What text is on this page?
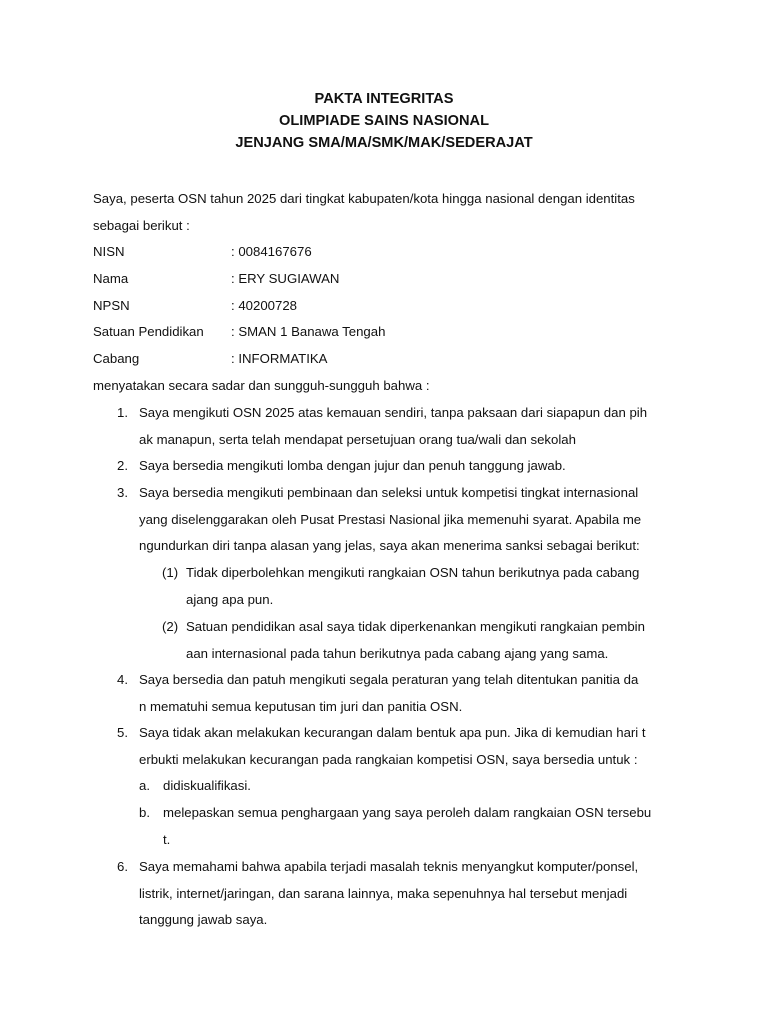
PAKTA INTEGRITAS
OLIMPIADE SAINS NASIONAL
JENJANG SMA/MA/SMK/MAK/SEDERAJAT
Saya, peserta OSN tahun 2025 dari tingkat kabupaten/kota hingga nasional dengan identitas
sebagai berikut :
NISN	: 0084167676
Nama	: ERY SUGIAWAN
NPSN	: 40200728
Satuan Pendidikan : SMAN 1 Banawa Tengah
Cabang	: INFORMATIKA
menyatakan secara sadar dan sungguh-sungguh bahwa :
1. Saya mengikuti OSN 2025 atas kemauan sendiri, tanpa paksaan dari siapapun dan pih
ak manapun, serta telah mendapat persetujuan orang tua/wali dan sekolah
2. Saya bersedia mengikuti lomba dengan jujur dan penuh tanggung jawab.
3. Saya bersedia mengikuti pembinaan dan seleksi untuk kompetisi tingkat internasional
yang diselenggarakan oleh Pusat Prestasi Nasional jika memenuhi syarat. Apabila me
ngundurkan diri tanpa alasan yang jelas, saya akan menerima sanksi sebagai berikut:
(1) Tidak diperbolehkan mengikuti rangkaian OSN tahun berikutnya pada cabang
ajang apa pun.
(2) Satuan pendidikan asal saya tidak diperkenankan mengikuti rangkaian pembin
aan internasional pada tahun berikutnya pada cabang ajang yang sama.
4. Saya bersedia dan patuh mengikuti segala peraturan yang telah ditentukan panitia da
n mematuhi semua keputusan tim juri dan panitia OSN.
5. Saya tidak akan melakukan kecurangan dalam bentuk apa pun. Jika di kemudian hari t
erbukti melakukan kecurangan pada rangkaian kompetisi OSN, saya bersedia untuk :
a. didiskualifikasi.
b. melepaskan semua penghargaan yang saya peroleh dalam rangkaian OSN tersebu
t.
6. Saya memahami bahwa apabila terjadi masalah teknis menyangkut komputer/ponsel,
listrik, internet/jaringan, dan sarana lainnya, maka sepenuhnya hal tersebut menjadi
tanggung jawab saya.
